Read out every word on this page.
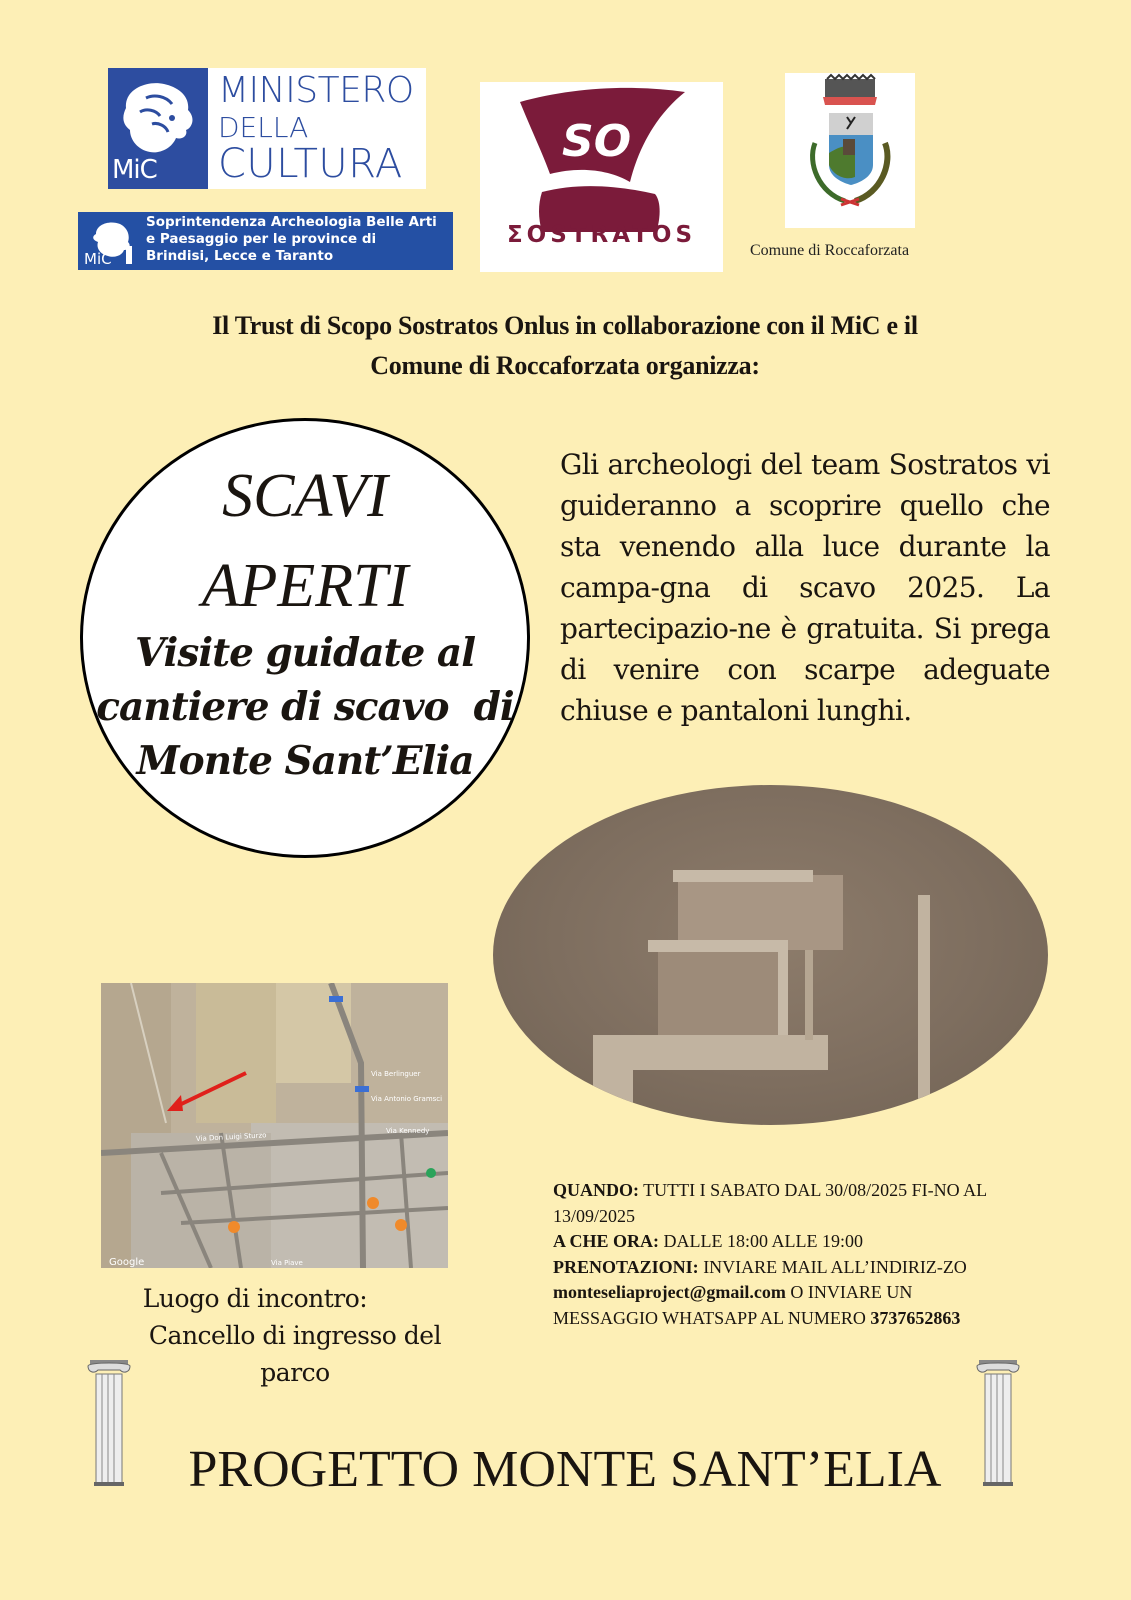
MiC
MINISTERO
DELLA
CULTURA
MiC
Soprintendenza Archeologia Belle Arti
e Paesaggio per le province di
Brindisi, Lecce e Taranto
SO
ΣOSTRATOS
Comune di Roccaforzata
Il Trust di Scopo Sostratos Onlus in collaborazione con il MiC e il
Comune di Roccaforzata organizza:
SCAVI
APERTI
Visite guidate al
cantiere di scavo  di
Monte Sant’Elia
Gli archeologi del team Sostratos vi guideranno a scoprire quello che sta venendo alla luce durante la campa-gna di scavo 2025. La partecipazio-ne è gratuita. Si prega di venire con scarpe adeguate chiuse e pantaloni lunghi.
Google
Via Don Luigi Sturzo
Via Berlinguer
Via Antonio Gramsci
Via Kennedy
Via Piave
Luogo di incontro:
Cancello di ingresso del
parco
QUANDO: TUTTI I SABATO DAL 30/08/2025 FI-NO AL 13/09/2025
A CHE ORA: DALLE 18:00 ALLE 19:00
PRENOTAZIONI: INVIARE MAIL ALL’INDIRIZ-ZO monteseliaproject@gmail.com O INVIARE UN MESSAGGIO WHATSAPP AL NUMERO 3737652863
PROGETTO MONTE SANT’ELIA
